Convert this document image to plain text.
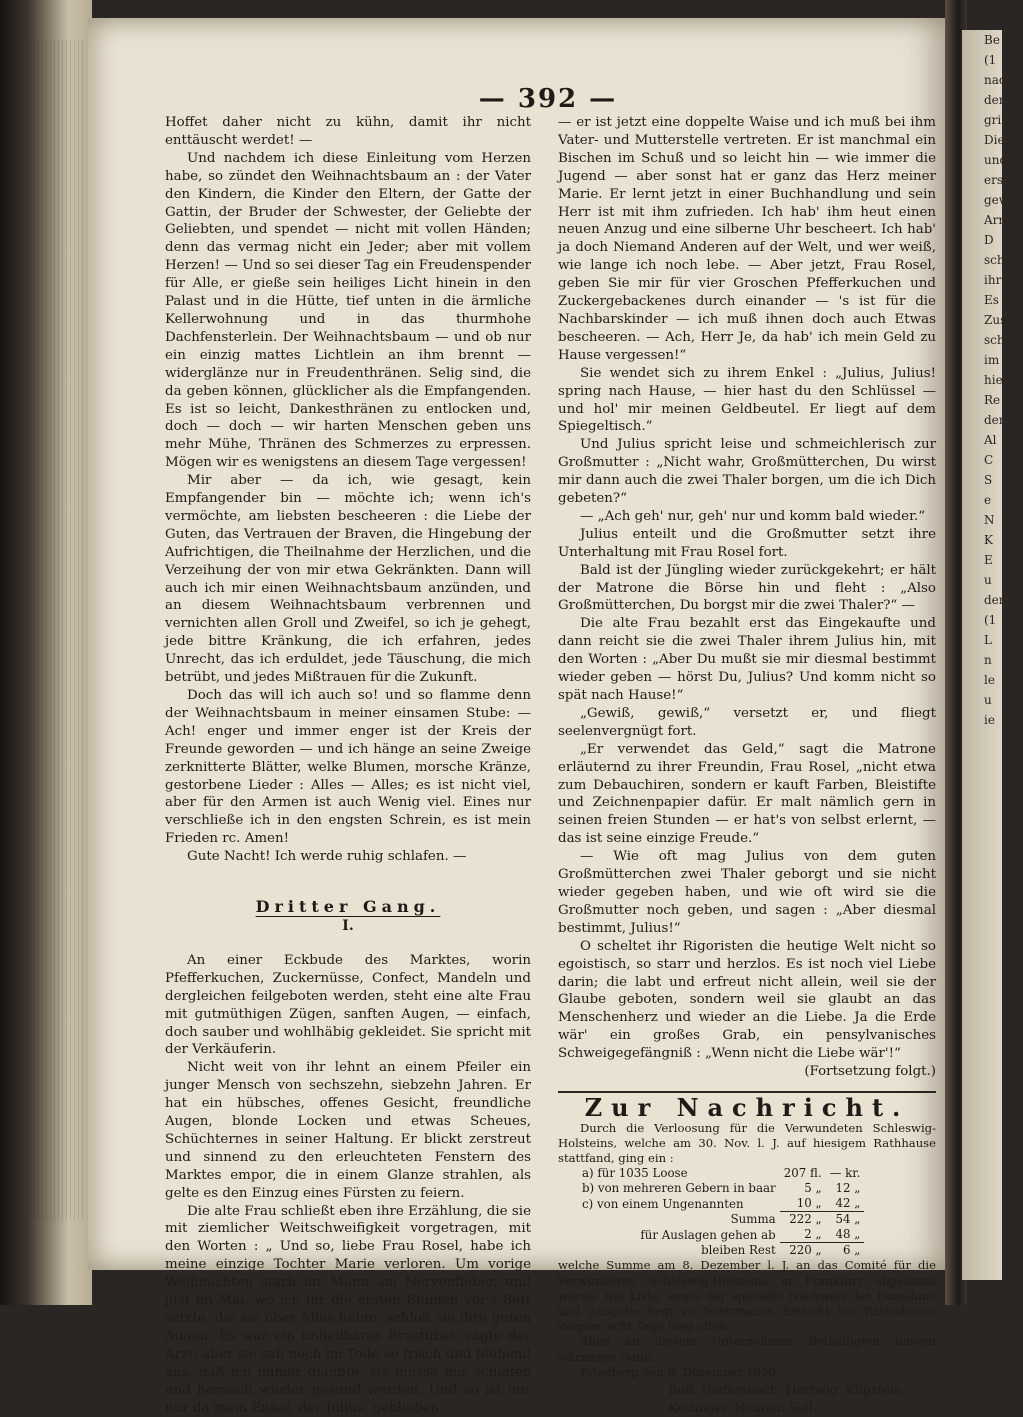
Be
(1
nad
der
griff
Dieb
und
erstan
gewa
Arre
D
schon
ihrer
Es
Zustiz
schaft
im A
hierh
Re
der
Al
C
S
e
N
K
E
u
der
(1
L
n
le
u
ie
— 392 —

Hoffet daher nicht zu kühn, damit ihr nicht enttäuscht werdet! —

Und nachdem ich diese Einleitung vom Herzen habe, so zündet den Weihnachtsbaum an : der Vater den Kindern, die Kinder den Eltern, der Gatte der Gattin, der Bruder der Schwester, der Geliebte der Geliebten, und spendet — nicht mit vollen Händen; denn das vermag nicht ein Jeder; aber mit vollem Herzen! — Und so sei dieser Tag ein Freudenspender für Alle, er gieße sein heiliges Licht hinein in den Palast und in die Hütte, tief unten in die ärmliche Kellerwohnung und in das thurmhohe Dachfensterlein. Der Weihnachtsbaum — und ob nur ein einzig mattes Lichtlein an ihm brennt — widerglänze nur in Freudenthränen. Selig sind, die da geben können, glücklicher als die Empfangenden. Es ist so leicht, Dankesthränen zu entlocken und, doch — doch — wir harten Menschen geben uns mehr Mühe, Thränen des Schmerzes zu erpressen. Mögen wir es wenigstens an diesem Tage vergessen!

Mir aber — da ich, wie gesagt, kein Empfangender bin — möchte ich; wenn ich's vermöchte, am liebsten bescheeren : die Liebe der Guten, das Vertrauen der Braven, die Hingebung der Aufrichtigen, die Theilnahme der Herzlichen, und die Verzeihung der von mir etwa Gekränkten. Dann will auch ich mir einen Weihnachtsbaum anzünden, und an diesem Weihnachtsbaum verbrennen und vernichten allen Groll und Zweifel, so ich je gehegt, jede bittre Kränkung, die ich erfahren, jedes Unrecht, das ich erduldet, jede Täuschung, die mich betrübt, und jedes Mißtrauen für die Zukunft.

Doch das will ich auch so! und so flamme denn der Weihnachtsbaum in meiner einsamen Stube: — Ach! enger und immer enger ist der Kreis der Freunde geworden — und ich hänge an seine Zweige zerknitterte Blätter, welke Blumen, morsche Kränze, gestorbene Lieder : Alles — Alles; es ist nicht viel, aber für den Armen ist auch Wenig viel. Eines nur verschließe ich in den engsten Schrein, es ist mein Frieden rc. Amen!

Gute Nacht! Ich werde ruhig schlafen. —

Dritter Gang.
I.

An einer Eckbude des Marktes, worin Pfefferkuchen, Zuckernüsse, Confect, Mandeln und dergleichen feilgeboten werden, steht eine alte Frau mit gutmüthigen Zügen, sanften Augen, — einfach, doch sauber und wohlhäbig gekleidet. Sie spricht mit der Verkäuferin.

Nicht weit von ihr lehnt an einem Pfeiler ein junger Mensch von sechszehn, siebzehn Jahren. Er hat ein hübsches, offenes Gesicht, freundliche Augen, blonde Locken und etwas Scheues, Schüchternes in seiner Haltung. Er blickt zerstreut und sinnend zu den erleuchteten Fenstern des Marktes empor, die in einem Glanze strahlen, als gelte es den Einzug eines Fürsten zu feiern.

Die alte Frau schließt eben ihre Erzählung, die sie mit ziemlicher Weitschweifigkeit vorgetragen, mit den Worten : „ Und so, liebe Frau Rosel, habe ich meine einzige Tochter Marie verloren. Um vorige Weihnachten starb ihr Mann am Nervenfieber, und just im Mai, wo ich ihr die ersten Blumen vor's Bett setzte, die sie über Alles liebte, schloß sie ihre guten Augen. Es war ein unheilbares Brustübel, sagte der Arzt; aber sie sah noch im Tode so frisch und blühend aus, daß ich immer glaubte, sie müsse nur schlafen und hernach wieder gesund werden. Und so ist mir nur da mein Enkel, der Julius, geblieben

— er ist jetzt eine doppelte Waise und ich muß bei ihm Vater- und Mutterstelle vertreten. Er ist manchmal ein Bischen im Schuß und so leicht hin — wie immer die Jugend — aber sonst hat er ganz das Herz meiner Marie. Er lernt jetzt in einer Buchhandlung und sein Herr ist mit ihm zufrieden. Ich hab' ihm heut einen neuen Anzug und eine silberne Uhr bescheert. Ich hab' ja doch Niemand Anderen auf der Welt, und wer weiß, wie lange ich noch lebe. — Aber jetzt, Frau Rosel, geben Sie mir für vier Groschen Pfefferkuchen und Zuckergebackenes durch einander — 's ist für die Nachbarskinder — ich muß ihnen doch auch Etwas bescheeren. — Ach, Herr Je, da hab' ich mein Geld zu Hause vergessen!“

Sie wendet sich zu ihrem Enkel : „Julius, Julius! spring nach Hause, — hier hast du den Schlüssel — und hol' mir meinen Geldbeutel. Er liegt auf dem Spiegeltisch.“

Und Julius spricht leise und schmeichlerisch zur Großmutter : „Nicht wahr, Großmütterchen, Du wirst mir dann auch die zwei Thaler borgen, um die ich Dich gebeten?“

— „Ach geh' nur, geh' nur und komm bald wieder.“

Julius enteilt und die Großmutter setzt ihre Unterhaltung mit Frau Rosel fort.

Bald ist der Jüngling wieder zurückgekehrt; er hält der Matrone die Börse hin und fleht : „Also Großmütterchen, Du borgst mir die zwei Thaler?“ —

Die alte Frau bezahlt erst das Eingekaufte und dann reicht sie die zwei Thaler ihrem Julius hin, mit den Worten : „Aber Du mußt sie mir diesmal bestimmt wieder geben — hörst Du, Julius? Und komm nicht so spät nach Hause!“

„Gewiß, gewiß,“ versetzt er, und fliegt seelenvergnügt fort.

„Er verwendet das Geld,“ sagt die Matrone erläuternd zu ihrer Freundin, Frau Rosel, „nicht etwa zum Debauchiren, sondern er kauft Farben, Bleistifte und Zeichnenpapier dafür. Er malt nämlich gern in seinen freien Stunden — er hat's von selbst erlernt, — das ist seine einzige Freude.“

— Wie oft mag Julius von dem guten Großmütterchen zwei Thaler geborgt und sie nicht wieder gegeben haben, und wie oft wird sie die Großmutter noch geben, und sagen : „Aber diesmal bestimmt, Julius!“

O scheltet ihr Rigoristen die heutige Welt nicht so egoistisch, so starr und herzlos. Es ist noch viel Liebe darin; die labt und erfreut nicht allein, weil sie der Glaube geboten, sondern weil sie glaubt an das Menschenherz und wieder an die Liebe. Ja die Erde wär' ein großes Grab, ein pensylvanisches Schweigegefängniß : „Wenn nicht die Liebe wär'!“

(Fortsetzung folgt.)
Zur Nachricht.

Durch die Verloosung für die Verwundeten Schleswig-Holsteins, welche am 30. Nov. l. J. auf hiesigem Rathhause stattfand, ging ein :

a) für 1035 Loose	207 fl.	— kr.
b) von mehreren Gebern in baar	5 „	12 „
c) von einem Ungenannten	10 „	42 „
Summa	222 „	54 „
für Auslagen gehen ab	2 „	48 „
bleiben Rest	220 „	6 „

welche Summe am 8. Dezember l. J. an das Comité für die Verwundeten Schleswig-Holsteins in Frankfurt abgesandt wurde. Die Liste, sowie der specielle Nachweis der Einnahme und Ausgabe liegt zu Jedermanns Einsicht bei Rathsdiener Wagner acht Tage lang offen.

Allen an diesem Unternehmen Betheiligten unsern wärmsten Dank.

Friedberg den 8. Dezember 1850.

Buß. Dieffenbach. Hertwig. Klipstein
Kettinger. Neuner. Sell.
